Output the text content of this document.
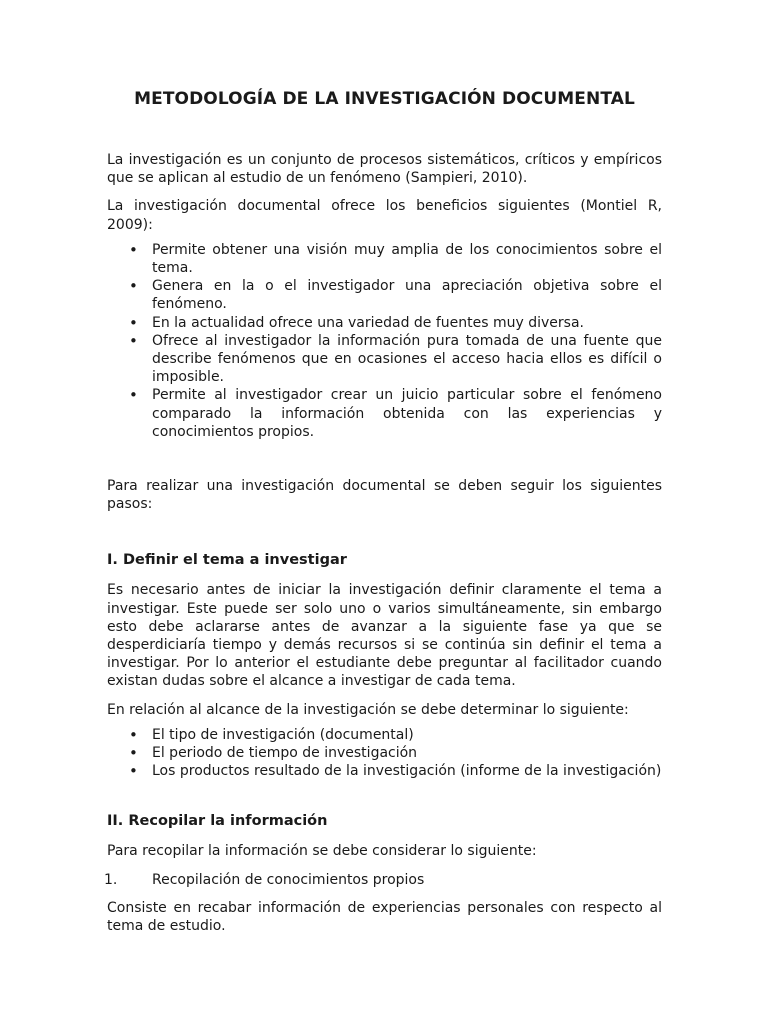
METODOLOGÍA DE LA INVESTIGACIÓN DOCUMENTAL

La investigación es un conjunto de procesos sistemáticos, críticos y empíricos que se aplican al estudio de un fenómeno (Sampieri, 2010).

La investigación documental ofrece los beneficios siguientes (Montiel R, 2009):

• Permite obtener una visión muy amplia de los conocimientos sobre el tema.
• Genera en la o el investigador una apreciación objetiva sobre el fenómeno.
• En la actualidad ofrece una variedad de fuentes muy diversa.
• Ofrece al investigador la información pura tomada de una fuente que describe fenómenos que en ocasiones el acceso hacia ellos es difícil o imposible.
• Permite al investigador crear un juicio particular sobre el fenómeno comparado la información obtenida con las experiencias y conocimientos propios.

Para realizar una investigación documental se deben seguir los siguientes pasos:

I. Definir el tema a investigar

Es necesario antes de iniciar la investigación definir claramente el tema a investigar. Este puede ser solo uno o varios simultáneamente, sin embargo esto debe aclararse antes de avanzar a la siguiente fase ya que se desperdiciaría tiempo y demás recursos si se continúa sin definir el tema a investigar. Por lo anterior el estudiante debe preguntar al facilitador cuando existan dudas sobre el alcance a investigar de cada tema.

En relación al alcance de la investigación se debe determinar lo siguiente:

• El tipo de investigación (documental)
• El periodo de tiempo de investigación
• Los productos resultado de la investigación (informe de la investigación)
II. Recopilar la información

Para recopilar la información se debe considerar lo siguiente:

1. Recopilación de conocimientos propios

Consiste en recabar información de experiencias personales con respecto al tema de estudio.
